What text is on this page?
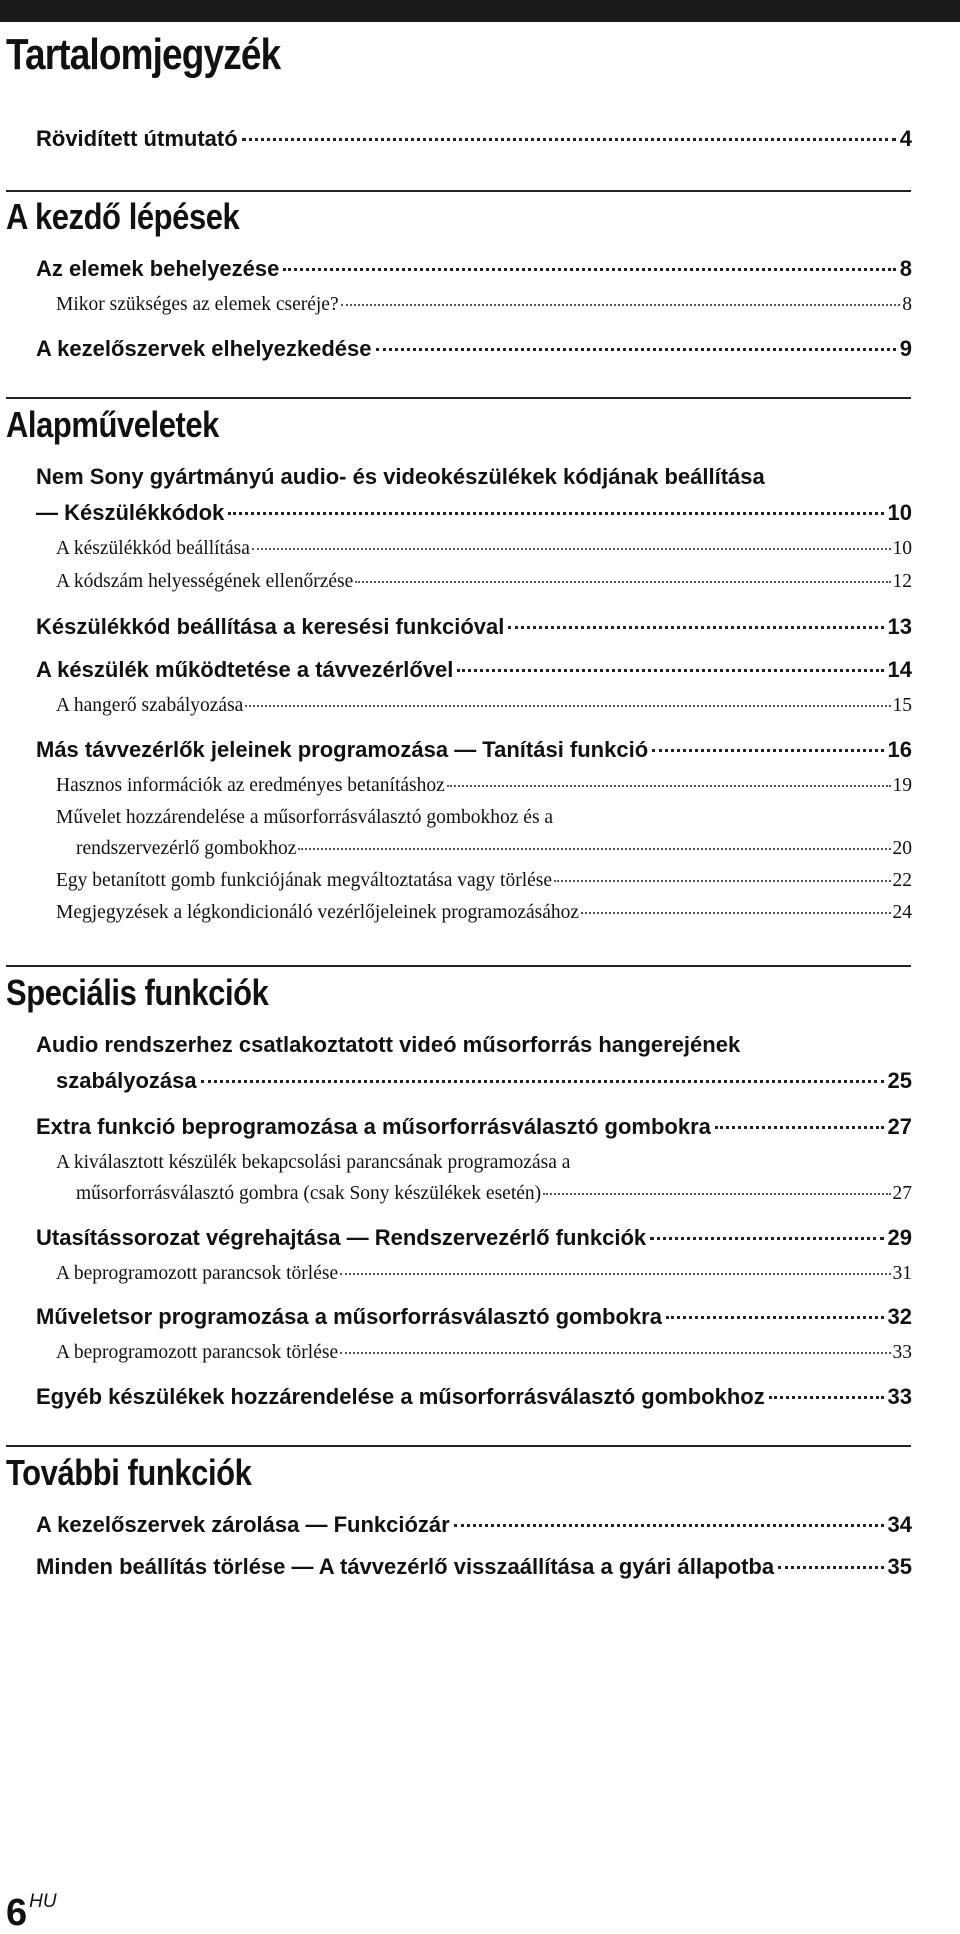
Tartalomjegyzék
Rövidített útmutató	4
A kezdő lépések
Az elemek behelyezése	8
Mikor szükséges az elemek cseréje?	8
A kezelőszervek elhelyezkedése	9
Alapműveletek
Nem Sony gyártmányú audio- és videokészülékek kódjának beállítása
— Készülékkódok	10
A készülékkód beállítása	10
A kódszám helyességének ellenőrzése	12
Készülékkód beállítása a keresési funkcióval	13
A készülék működtetése a távvezérlővel	14
A hangerő szabályozása	15
Más távvezérlők jeleinek programozása — Tanítási funkció	16
Hasznos információk az eredményes betanításhoz	19
Művelet hozzárendelése a műsorforrásválasztó gombokhoz és a
rendszervezérlő gombokhoz	20
Egy betanított gomb funkciójának megváltoztatása vagy törlése	22
Megjegyzések a légkondicionáló vezérlőjeleinek programozásához	24
Speciális funkciók
Audio rendszerhez csatlakoztatott videó műsorforrás hangerejének
szabályozása	25
Extra funkció beprogramozása a műsorforrásválasztó gombokra	27
A kiválasztott készülék bekapcsolási parancsának programozása a
műsorforrásválasztó gombra (csak Sony készülékek esetén)	27
Utasítássorozat végrehajtása — Rendszervezérlő funkciók	29
A beprogramozott parancsok törlése	31
Műveletsor programozása a műsorforrásválasztó gombokra	32
A beprogramozott parancsok törlése	33
Egyéb készülékek hozzárendelése a műsorforrásválasztó gombokhoz	33
További funkciók
A kezelőszervek zárolása — Funkciózár	34
Minden beállítás törlése — A távvezérlő visszaállítása a gyári állapotba	35
6 $^{HU}$
